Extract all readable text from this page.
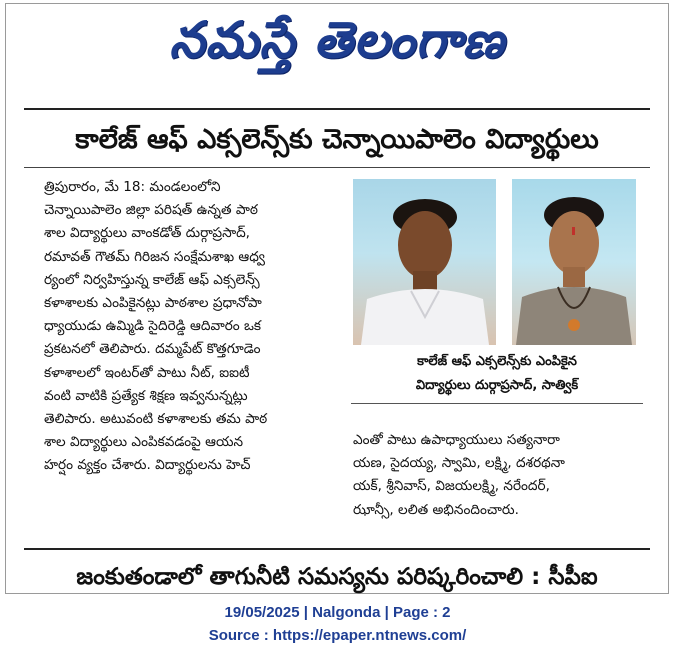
నమస్తే తెలంగాణ
కాలేజ్ ఆఫ్ ఎక్సలెన్స్‌కు చెన్నాయిపాలెం విద్యార్థులు

త్రిపురారం, మే 18: మండలంలోని

చెన్నాయిపాలెం జిల్లా పరిషత్ ఉన్నత పాఠ

శాల విద్యార్థులు వాంకడోత్ దుర్గాప్రసాద్,

రమావత్ గౌతమ్ గిరిజన సంక్షేమశాఖ ఆధ్వ

ర్యంలో నిర్వహిస్తున్న కాలేజ్ ఆఫ్ ఎక్సలెన్స్

కళాశాలకు ఎంపికైనట్లు పాఠశాల ప్రధానోపా

ధ్యాయుడు ఉమ్మిడి సైదిరెడ్డి ఆదివారం ఒక

ప్రకటనలో తెలిపారు. దమ్మపేట్ కొత్తగూడెం

కళాశాలలో ఇంటర్‌తో పాటు నీట్, ఐఐటీ

వంటి వాటికి ప్రత్యేక శిక్షణ ఇవ్వనున్నట్లు

తెలిపారు. అటువంటి కళాశాలకు తమ పాఠ

శాల విద్యార్థులు ఎంపికవడంపై ఆయన

హర్షం వ్యక్తం చేశారు. విద్యార్థులను హెచ్

కాలేజ్ ఆఫ్ ఎక్సలెన్స్‌కు ఎంపికైన

విద్యార్థులు దుర్గాప్రసాద్, సాత్విక్

ఎంతో పాటు ఉపాధ్యాయులు సత్యనారా

యణ, సైదయ్య, స్వామి, లక్ష్మి, దశరథనా

యక్, శ్రీనివాస్, విజయలక్ష్మి, నరేందర్,

ఝాన్సీ, లలిత అభినందించారు.

జంకుతండాలో తాగునీటి సమస్యను పరిష్కరించాలి : సీపీఐ
19/05/2025 | Nalgonda | Page : 2
Source : https://epaper.ntnews.com/
